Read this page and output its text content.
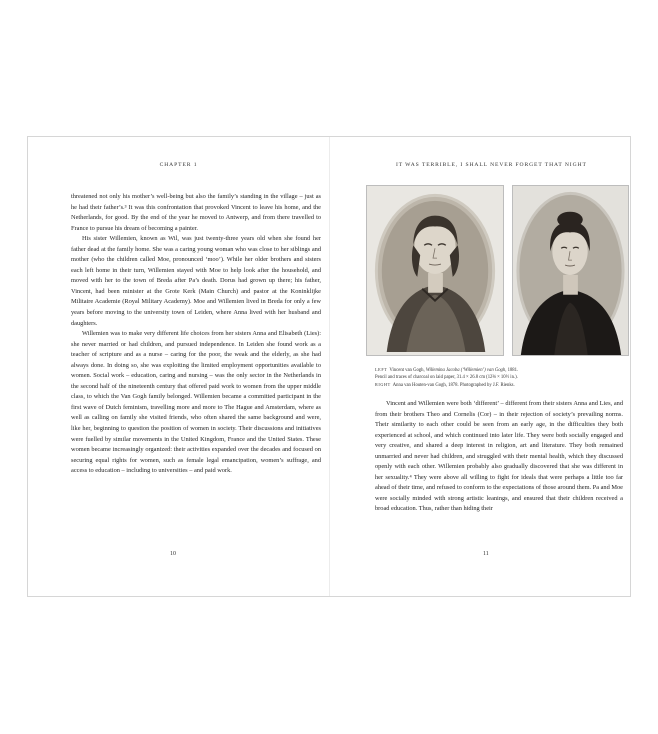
CHAPTER 1

threatened not only his mother’s well-being but also the family’s standing in the village – just as he had their father’s.³ It was this confrontation that provoked Vincent to leave his home, and the Netherlands, for good. By the end of the year he moved to Antwerp, and from there travelled to France to pursue his dream of becoming a painter.

His sister Willemien, known as Wil, was just twenty-three years old when she found her father dead at the family home. She was a caring young woman who was close to her siblings and mother (who the children called Moe, pronounced ‘moo’). While her older brothers and sisters each left home in their turn, Willemien stayed with Moe to help look after the household, and moved with her to the town of Breda after Pa’s death. Dorus had grown up there; his father, Vincent, had been minister at the Grote Kerk (Main Church) and pastor at the Koninklijke Militaire Academie (Royal Military Academy). Moe and Willemien lived in Breda for only a few years before moving to the university town of Leiden, where Anna lived with her husband and daughters.

Willemien was to make very different life choices from her sisters Anna and Elisabeth (Lies): she never married or had children, and pursued independence. In Leiden she found work as a teacher of scripture and as a nurse – caring for the poor, the weak and the elderly, as she had always done. In doing so, she was exploiting the limited employment opportunities available to women. Social work – education, caring and nursing – was the only sector in the Netherlands in the second half of the nineteenth century that offered paid work to women from the upper middle class, to which the Van Gogh family belonged. Willemien became a committed participant in the first wave of Dutch feminism, travelling more and more to The Hague and Amsterdam, where as well as calling on family she visited friends, who often shared the same background and were, like her, beginning to question the position of women in society. Their discussions and initiatives were fuelled by similar movements in the United Kingdom, France and the United States. These women became increasingly organized: their activities expanded over the decades and focused on securing equal rights for women, such as female legal emancipation, women’s suffrage, and access to education – including to universities – and paid work.

10
IT WAS TERRIBLE, I SHALL NEVER FORGET THAT NIGHT
LEFT Vincent van Gogh, Willemina Jacoba (‘Willemien’) van Gogh, 1881.
Pencil and traces of charcoal on laid paper, 31.4 × 26.8 cm (12⅜ × 10½ in.).
RIGHT Anna van Houten-van Gogh, 1878. Photographed by J.F. Rienks.

Vincent and Willemien were both ‘different’ – different from their sisters Anna and Lies, and from their brothers Theo and Cornelis (Cor) – in their rejection of society’s prevailing norms. Their similarity to each other could be seen from an early age, in the difficulties they both experienced at school, and which continued into later life. They were both socially engaged and very creative, and shared a deep interest in religion, art and literature. They both remained unmarried and never had children, and struggled with their mental health, which they discussed openly with each other. Willemien probably also gradually discovered that she was different in her sexuality.⁴ They were above all willing to fight for ideals that were perhaps a little too far ahead of their time, and refused to conform to the expectations of those around them. Pa and Moe were socially minded with strong artistic leanings, and ensured that their children received a broad education. Thus, rather than hiding their

11
